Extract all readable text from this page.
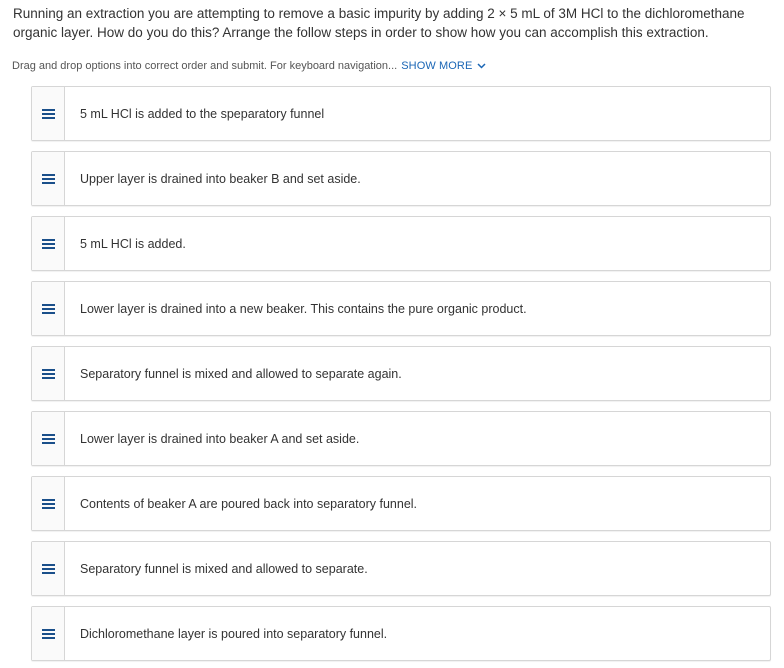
Running an extraction you are attempting to remove a basic impurity by adding 2 × 5 mL of 3M HCl to the dichloromethane organic layer. How do you do this? Arrange the follow steps in order to show how you can accomplish this extraction.
Drag and drop options into correct order and submit. For keyboard navigation... SHOW MORE
5 mL HCl is added to the speparatory funnel
Upper layer is drained into beaker B and set aside.
5 mL HCl is added.
Lower layer is drained into a new beaker. This contains the pure organic product.
Separatory funnel is mixed and allowed to separate again.
Lower layer is drained into beaker A and set aside.
Contents of beaker A are poured back into separatory funnel.
Separatory funnel is mixed and allowed to separate.
Dichloromethane layer is poured into separatory funnel.
